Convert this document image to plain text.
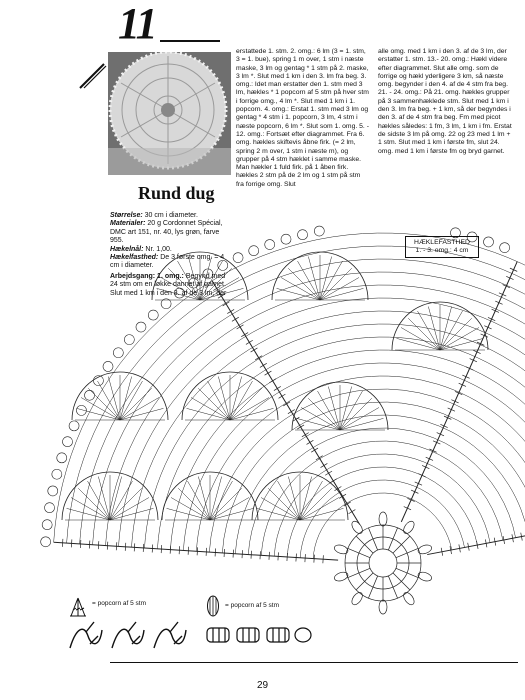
11
Rund dug
Størrelse: 30 cm i diameter.
Materialer: 20 g Cordonnet Spécial, DMC art 151, nr. 40, lys grøn, farve 955.
Hækelnål: Nr. 1,00.
Hækelfasthed: De 3 første omg. = 4 cm i diameter.
Arbejdsgang: 1. omg.: Begynd med 24 stm om en løkke dannet af garnet. Slut med 1 km i den 3. af de 3 lm, der
erstattede 1. stm. 2. omg.: 6 lm (3 = 1. stm, 3 = 1. bue), spring 1 m over, 1 stm i næste maske, 3 lm og gentag * 1 stm på 2. maske, 3 lm *. Slut med 1 km i den 3. lm fra beg. 3. omg.: Idet man erstatter den 1. stm med 3 lm, hækles * 1 popcorn af 5 stm på hver stm i forrige omg., 4 lm *. Slut med 1 km i 1. popcorn. 4. omg.: Erstat 1. stm med 3 lm og gentag * 4 stm i 1. popcorn, 3 lm, 4 stm i næste popcorn, 6 lm *. Slut som 1. omg. 5. - 12. omg.: Fortsæt efter diagrammet. Fra 6. omg. hækles skiftevis åbne firk. (= 2 lm, spring 2 m over, 1 stm i næste m), og grupper på 4 stm hæklet i samme maske. Man hækler 1 fuld firk. på 1 åben firk. hækles 2 stm på de 2 lm og 1 stm på stm fra forrige omg. Slut
alle omg. med 1 km i den 3. af de 3 lm, der erstatter 1. stm. 13.- 20. omg.: Hækl videre efter diagrammet. Slut alle omg. som de forrige og hækl yderligere 3 km, så næste omg. begynder i den 4. af de 4 stm fra beg. 21. - 24. omg.: På 21. omg. hækles grupper på 3 sammenhæklede stm. Slut med 1 km i den 3. lm fra beg. + 1 km, så der begyndes i den 3. af de 4 stm fra beg. Fm med picot hækles således: 1 fm, 3 lm, 1 km i fm. Erstat de sidste 3 lm på omg. 22 og 23 med 1 lm + 1 stm. Slut med 1 km i første fm, slut 24. omg. med 1 km i første fm og bryd garnet.
HÆKLEFASTHED
1. - 3. omg.: 4 cm
= popcorn af 5 stm	= popcorn af 5 stm
29
